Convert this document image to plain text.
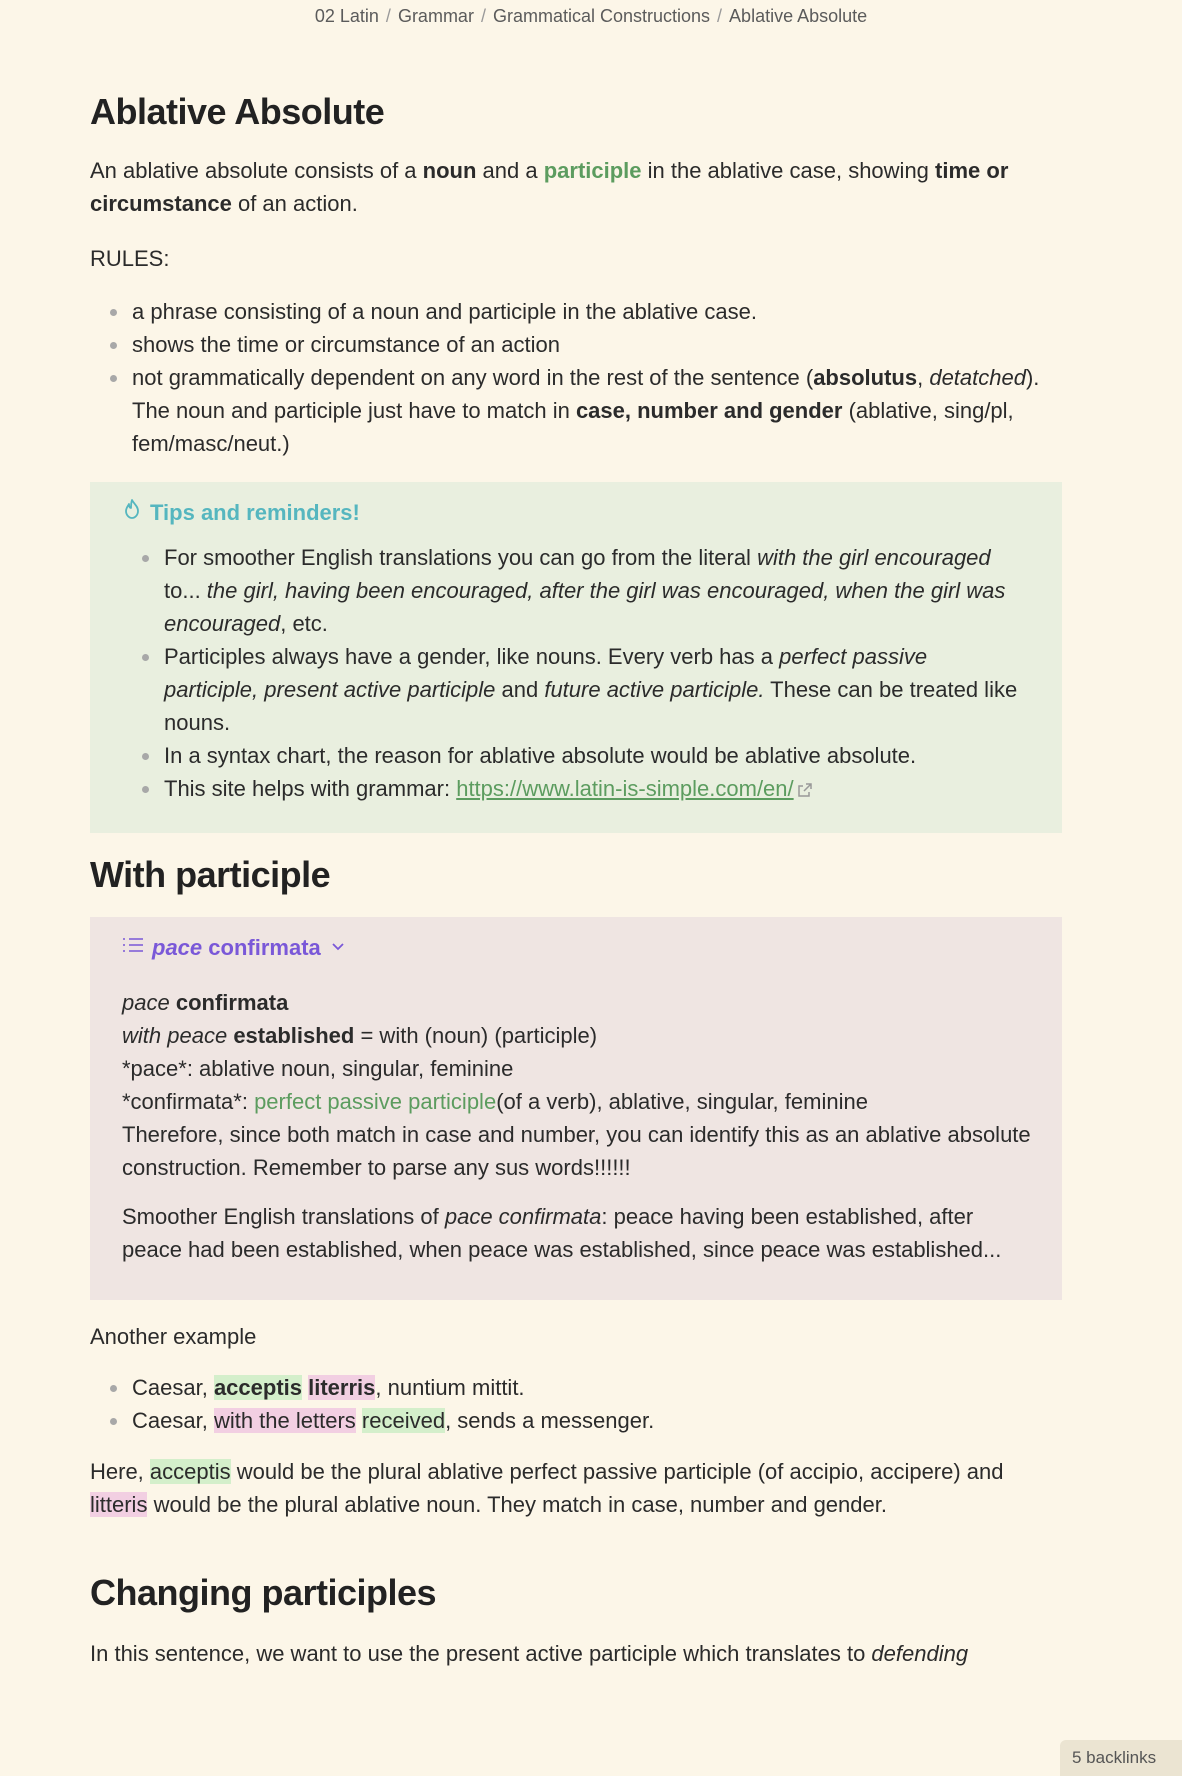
02 Latin / Grammar / Grammatical Constructions / Ablative Absolute
Ablative Absolute

An ablative absolute consists of a noun and a participle in the ablative case, showing time or circumstance of an action.

RULES:

a phrase consisting of a noun and participle in the ablative case.
shows the time or circumstance of an action
not grammatically dependent on any word in the rest of the sentence (absolutus, detatched). The noun and participle just have to match in case, number and gender (ablative, sing/pl, fem/masc/neut.)
Tips and reminders!
For smoother English translations you can go from the literal with the girl encouraged to... the girl, having been encouraged, after the girl was encouraged, when the girl was encouraged, etc.
Participles always have a gender, like nouns. Every verb has a perfect passive participle, present active participle and future active participle. These can be treated like nouns.
In a syntax chart, the reason for ablative absolute would be ablative absolute.
This site helps with grammar: https://www.latin-is-simple.com/en/
With participle
pace confirmata

pace confirmata
with peace established = with (noun) (participle)
*pace*: ablative noun, singular, feminine
*confirmata*: perfect passive participle(of a verb), ablative, singular, feminine
Therefore, since both match in case and number, you can identify this as an ablative absolute construction. Remember to parse any sus words!!!!!!

Smoother English translations of pace confirmata: peace having been established, after peace had been established, when peace was established, since peace was established...

Another example

Caesar, acceptis literris, nuntium mittit.
Caesar, with the letters received, sends a messenger.

Here, acceptis would be the plural ablative perfect passive participle (of accipio, accipere) and litteris would be the plural ablative noun. They match in case, number and gender.

Changing participles

In this sentence, we want to use the present active participle which translates to defending

5 backlinks
